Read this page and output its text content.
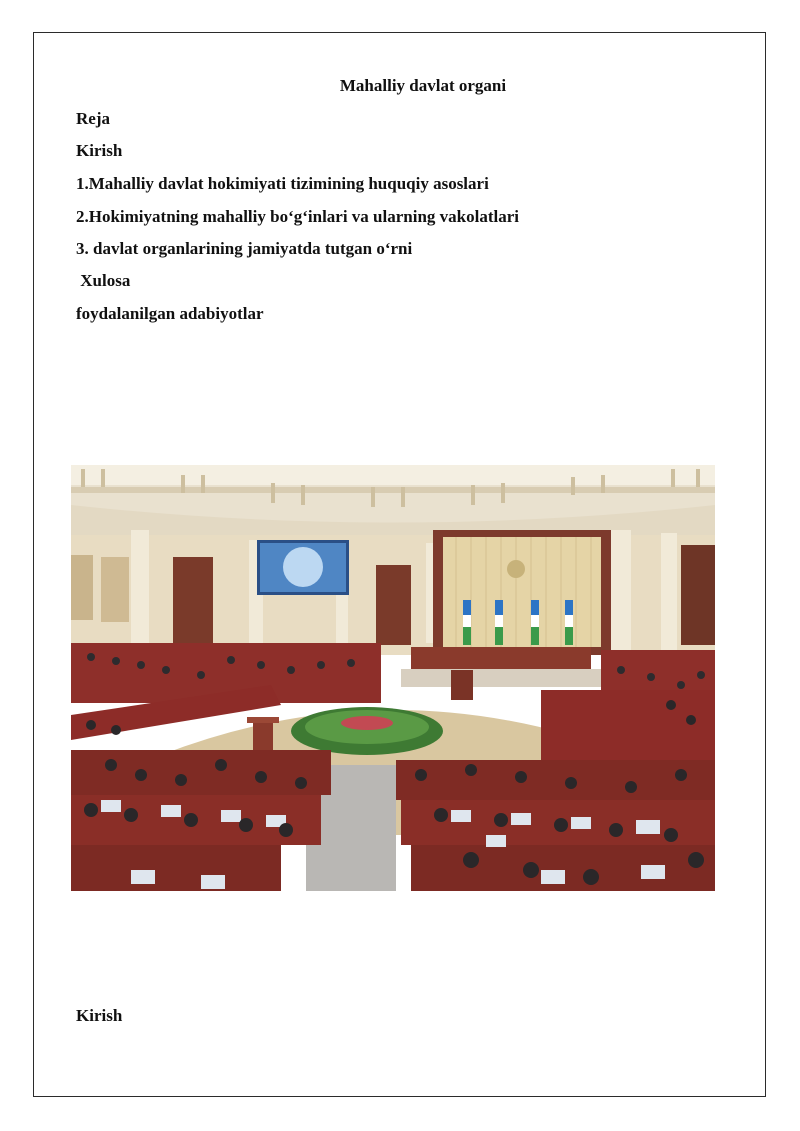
Mahalliy davlat organi
Reja
Kirish
1.Mahalliy davlat hokimiyati tizimining huquqiy asoslari
2.Hokimiyatning mahalliy bo‘g‘inlari va ularning vakolatlari
3. davlat organlarining jamiyatda tutgan o‘rni
Xulosa
foydalanilgan adabiyotlar
Kirish
